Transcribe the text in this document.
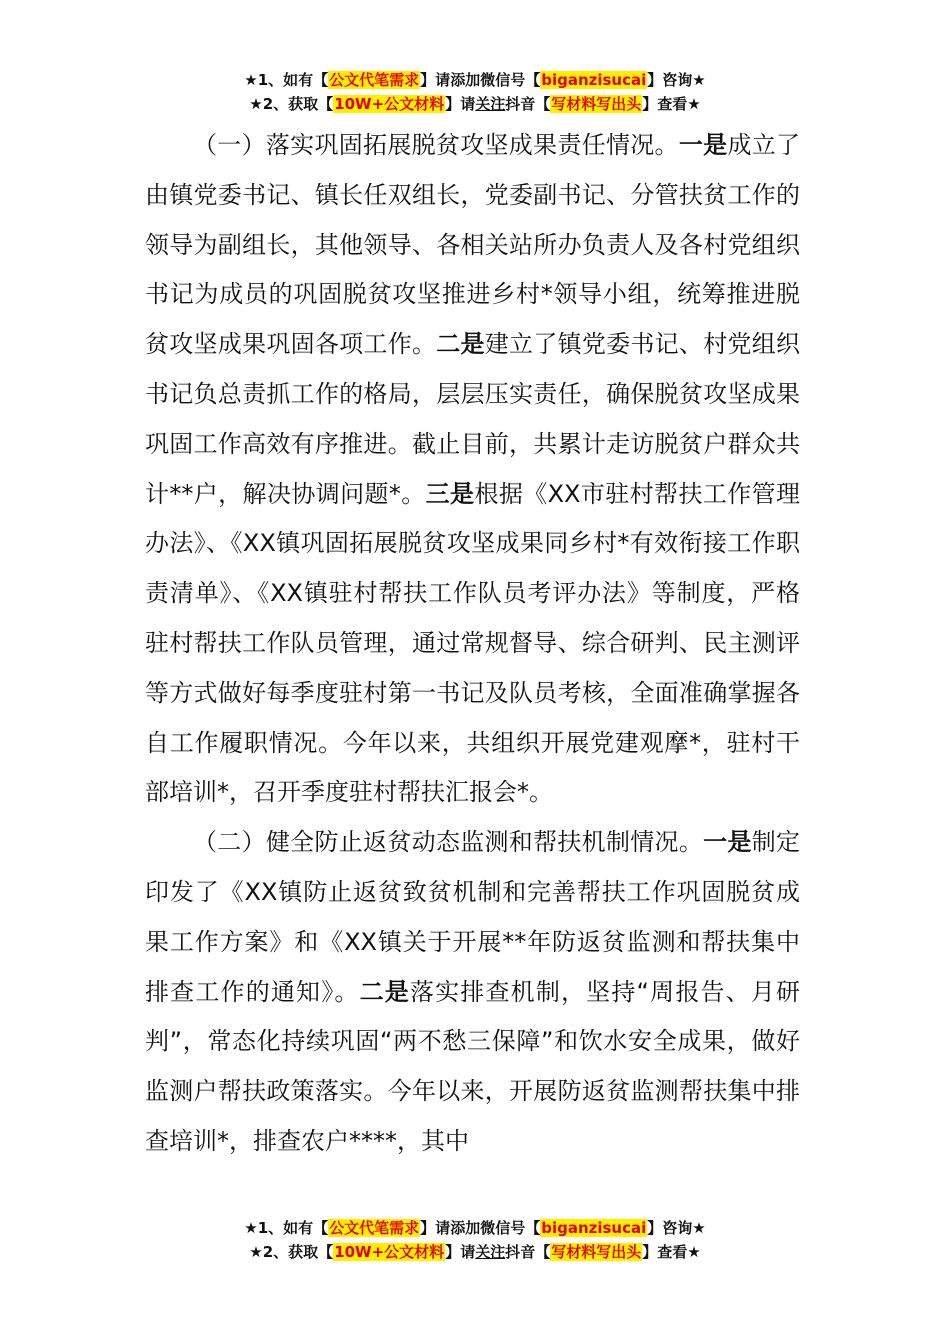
★1、如有【公文代笔需求】请添加微信号【biganzisucai】咨询★
★2、获取【10W+公文材料】请关注抖音【写材料写出头】查看★

（一）落实巩固拓展脱贫攻坚成果责任情况。一是成立了由镇党委书记、镇长任双组长，党委副书记、分管扶贫工作的领导为副组长，其他领导、各相关站所办负责人及各村党组织书记为成员的巩固脱贫攻坚推进乡村*领导小组，统筹推进脱贫攻坚成果巩固各项工作。二是建立了镇党委书记、村党组织书记负总责抓工作的格局，层层压实责任，确保脱贫攻坚成果巩固工作高效有序推进。截止目前，共累计走访脱贫户群众共计**户，解决协调问题*。三是根据《XX市驻村帮扶工作管理办法》、《XX镇巩固拓展脱贫攻坚成果同乡村*有效衔接工作职责清单》、《XX镇驻村帮扶工作队员考评办法》等制度，严格驻村帮扶工作队员管理，通过常规督导、综合研判、民主测评等方式做好每季度驻村第一书记及队员考核，全面准确掌握各自工作履职情况。今年以来，共组织开展党建观摩*，驻村干部培训*，召开季度驻村帮扶汇报会*。

（二）健全防止返贫动态监测和帮扶机制情况。一是制定印发了《XX镇防止返贫致贫机制和完善帮扶工作巩固脱贫成果工作方案》和《XX镇关于开展**年防返贫监测和帮扶集中排查工作的通知》。二是落实排查机制，坚持“周报告、月研判”，常态化持续巩固“两不愁三保障”和饮水安全成果，做好监测户帮扶政策落实。今年以来，开展防返贫监测帮扶集中排查培训*，排查农户****，其中

★1、如有【公文代笔需求】请添加微信号【biganzisucai】咨询★
★2、获取【10W+公文材料】请关注抖音【写材料写出头】查看★
